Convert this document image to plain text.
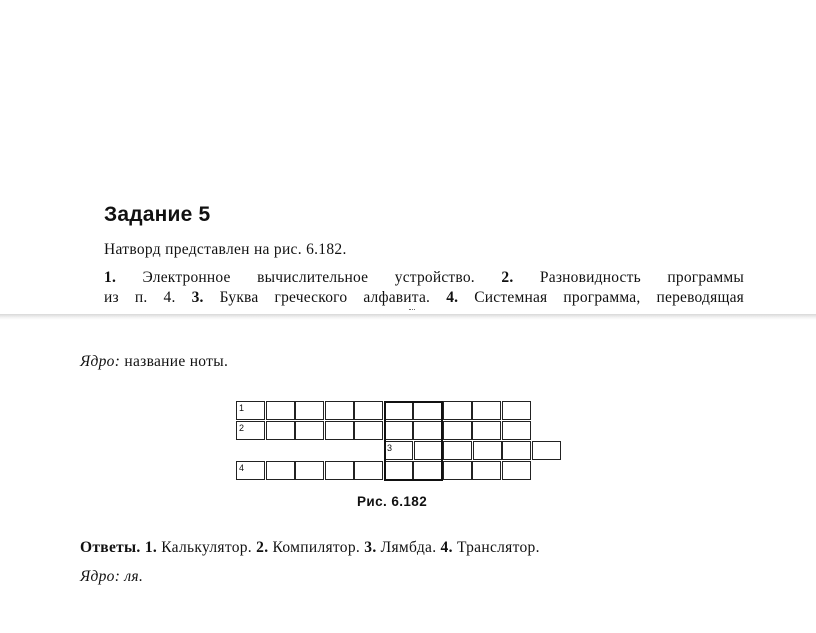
Задание 5
Натворд представлен на рис. 6.182.
1. Электронное вычислительное устройство. 2. Разновидность программы
из п. 4. 3. Буква греческого алфавита. 4. Системная программа, переводящая
Ядро: название ноты.
1
2
3
4
Рис. 6.182
Ответы. 1. Калькулятор. 2. Компилятор. 3. Лямбда. 4. Транслятор.
Ядро: ля.
